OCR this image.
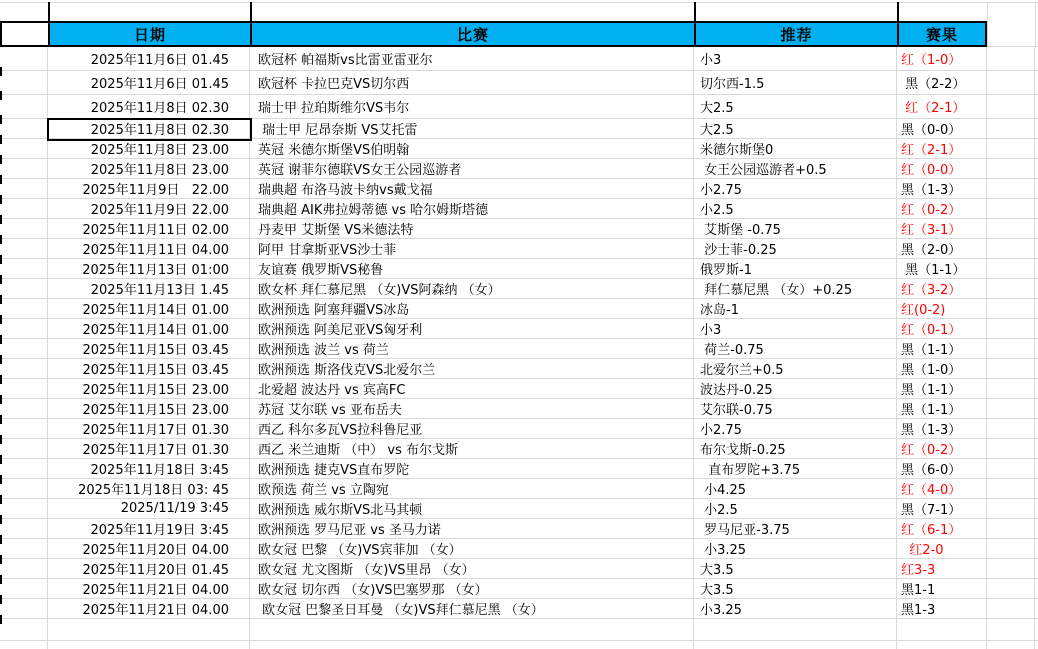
日期	比赛	推荐	赛果
2025年11月6日 01.45	欧冠杯 帕福斯vs比雷亚雷亚尔	小3	红（1-0）
2025年11月6日 01.45	欧冠杯 卡拉巴克VS切尔西	切尔西-1.5	黑（2-2）
2025年11月8日 02.30	瑞士甲 拉珀斯维尔VS韦尔	大2.5	红（2-1）
2025年11月8日 02.30	瑞士甲 尼昂奈斯 VS艾托雷	大2.5	黑（0-0）
2025年11月8日 23.00	英冠 米德尔斯堡VS伯明翰	米德尔斯堡0	红（2-1）
2025年11月8日 23.00	英冠 谢菲尔德联VS女王公园巡游者	女王公园巡游者+0.5	红（0-0）
2025年11月9日   22.00	瑞典超 布洛马波卡纳vs戴戈福	小2.75	黑（1-3）
2025年11月9日 22.00	瑞典超 AIK弗拉姆蒂德 vs 哈尔姆斯塔德	小2.5	红（0-2）
2025年11月11日 02.00	丹麦甲 艾斯堡 VS米德法特	艾斯堡 -0.75	红（3-1）
2025年11月11日 04.00	阿甲 甘拿斯亚VS沙士菲	沙士菲-0.25	黑（2-0）
2025年11月13日 01:00	友谊赛 俄罗斯VS秘鲁	俄罗斯-1	黑（1-1）
2025年11月13日 1.45	欧女杯 拜仁慕尼黑 （女)VS阿森纳 （女）	拜仁慕尼黑 （女）+0.25	红（3-2）
2025年11月14日 01.00	欧洲预选 阿塞拜疆VS冰岛	冰岛-1	红(0-2)
2025年11月14日 01.00	欧洲预选 阿美尼亚VS匈牙利	小3	红（0-1）
2025年11月15日 03.45	欧洲预选 波兰 vs 荷兰	荷兰-0.75	黑（1-1）
2025年11月15日 03.45	欧洲预选 斯洛伐克VS北爱尔兰	北爱尔兰+0.5	黑（1-0）
2025年11月15日 23.00	北爱超 波达丹 vs 宾高FC	波达丹-0.25	黑（1-1）
2025年11月15日 23.00	苏冠 艾尔联 vs 亚布岳夫	艾尔联-0.75	黑（1-1）
2025年11月17日 01.30	西乙 科尔多瓦VS拉科鲁尼亚	小2.75	黑（1-3）
2025年11月17日 01.30	西乙 米兰迪斯 （中） vs 布尔戈斯	布尔戈斯-0.25	红（0-2）
2025年11月18日 3:45	欧洲预选 捷克VS直布罗陀	直布罗陀+3.75	黑（6-0）
2025年11月18日 03: 45	欧预选 荷兰 vs 立陶宛	小4.25	红（4-0）
2025/11/19 3:45	欧洲预选 威尔斯VS北马其顿	小2.5	黑（7-1）
2025年11月19日 3:45	欧洲预选 罗马尼亚 vs 圣马力诺	罗马尼亚-3.75	红（6-1）
2025年11月20日 04.00	欧女冠 巴黎 （女)VS宾菲加 （女）	小3.25	红2-0
2025年11月20日 01.45	欧女冠 尤文图斯 （女)VS里昂 （女）	大3.5	红3-3
2025年11月21日 04.00	欧女冠 切尔西 （女)VS巴塞罗那 （女）	大3.5	黑1-1
2025年11月21日 04.00	欧女冠 巴黎圣日耳曼 （女)VS拜仁慕尼黑 （女）	小3.25	黑1-3
